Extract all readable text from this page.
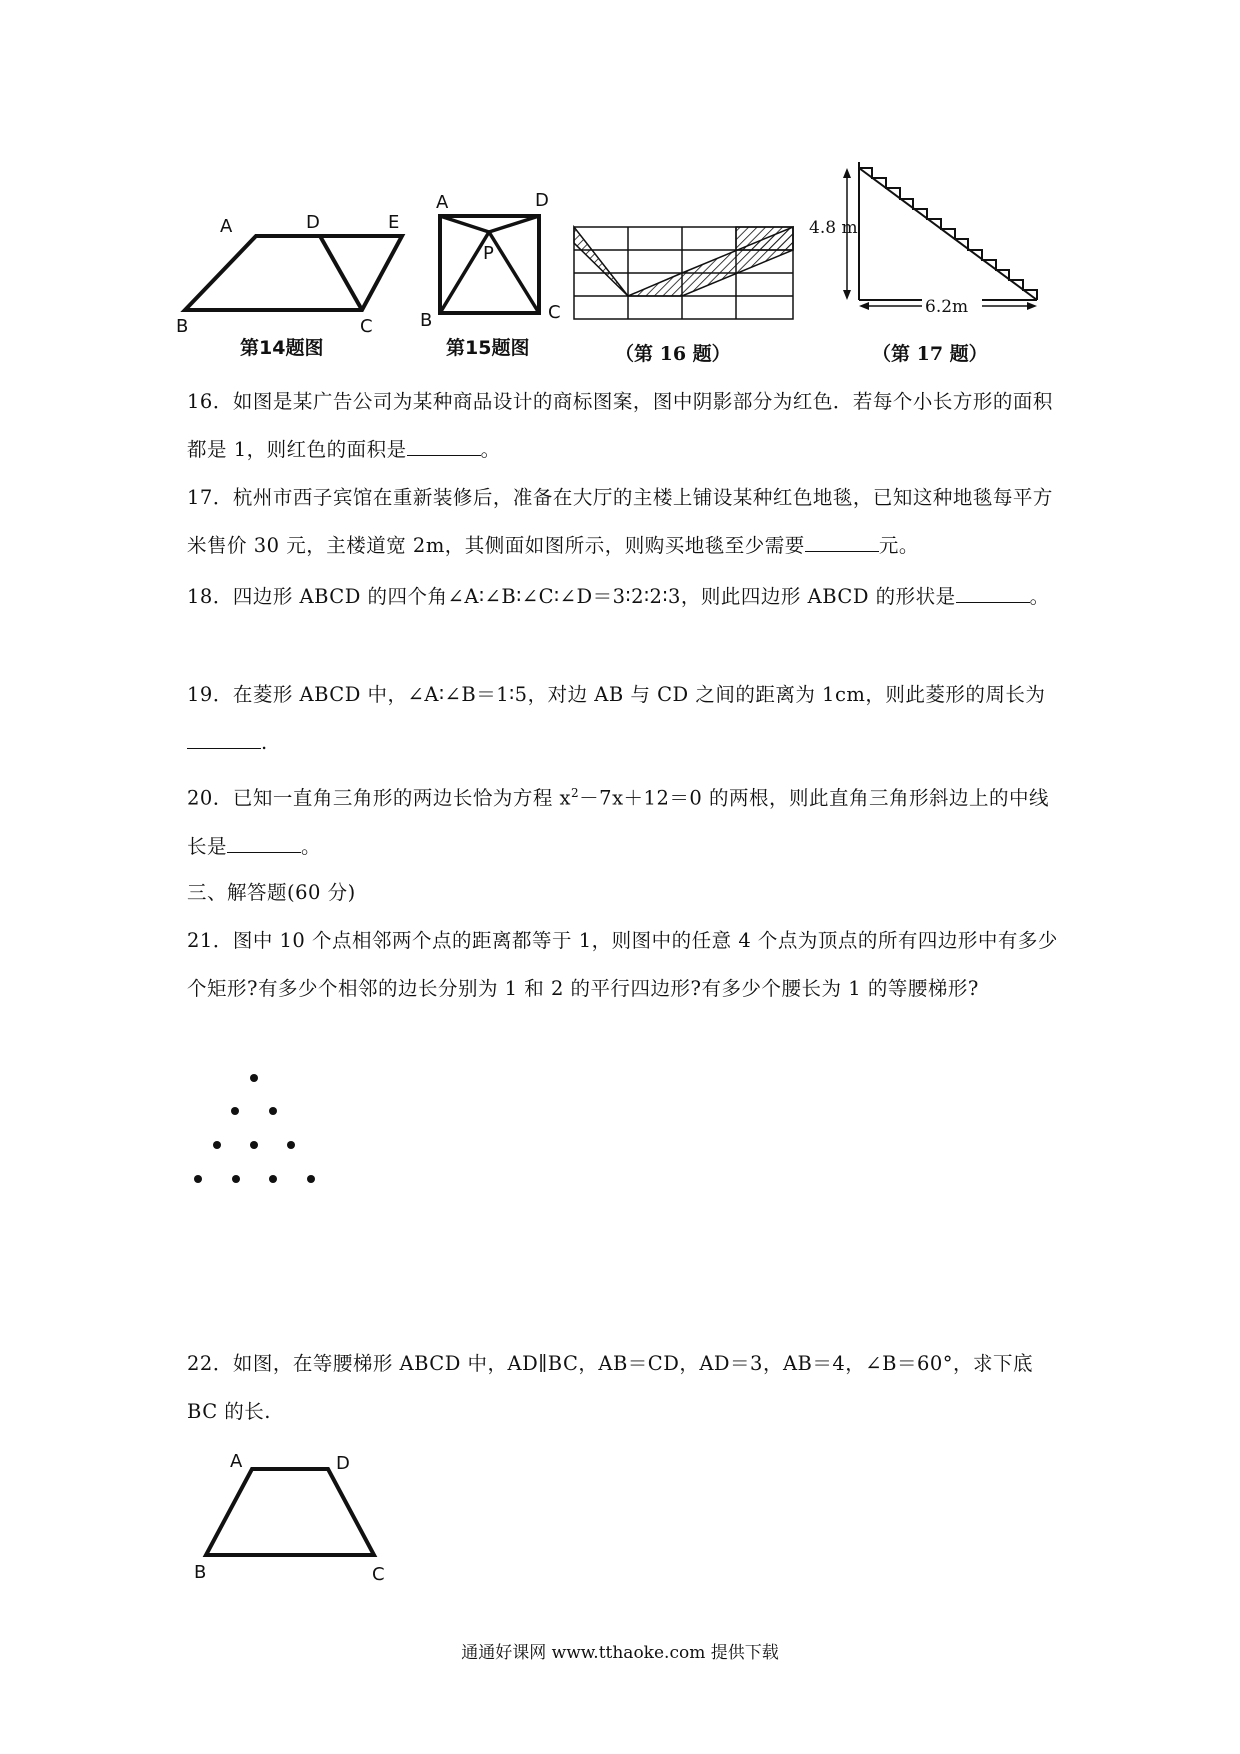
A	D	E
B	C
第14题图
A	D
P
B	C
第15题图	（第 16 题）
4.8 m
6.2m
（第 17 题）
16．如图是某广告公司为某种商品设计的商标图案，图中阴影部分为红色．若每个小长方形的面积都是 1，则红色的面积是	。
17．杭州市西子宾馆在重新装修后，准备在大厅的主楼上铺设某种红色地毯，已知这种地毯每平方米售价 30 元，主楼道宽 2m，其侧面如图所示，则购买地毯至少需要	元。
18．四边形 ABCD 的四个角∠A∶∠B∶∠C∶∠D＝3∶2∶2∶3，则此四边形 ABCD 的形状是	。
19．在菱形 ABCD 中，∠A∶∠B＝1∶5，对边 AB 与 CD 之间的距离为 1cm，则此菱形的周长为.
20．已知一直角三角形的两边长恰为方程 $x^2-7x+12=0$ 的两根，则此直角三角形斜边上的中线长是	。
三、解答题(60 分)
21．图中 10 个点相邻两个点的距离都等于 1，则图中的任意 4 个点为顶点的所有四边形中有多少个矩形?有多少个相邻的边长分别为 1 和 2 的平行四边形?有多少个腰长为 1 的等腰梯形?
22．如图，在等腰梯形 ABCD 中，AD∥BC，AB＝CD，AD＝3，AB＝4，∠B＝60°，求下底 BC 的长.
A	D
B	C
通通好课网 www.tthaoke.com 提供下载
